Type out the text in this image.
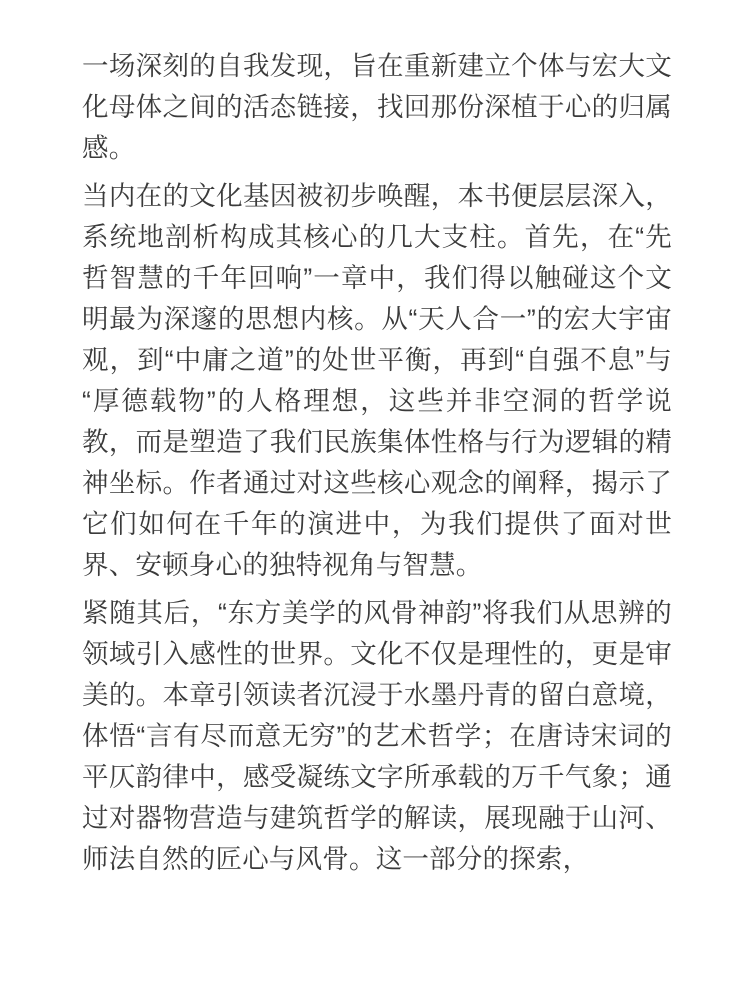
一场深刻的自我发现，旨在重新建立个体与宏大文化母体之间的活态链接，找回那份深植于心的归属感。

当内在的文化基因被初步唤醒，本书便层层深入，系统地剖析构成其核心的几大支柱。首先，在“先哲智慧的千年回响”一章中，我们得以触碰这个文明最为深邃的思想内核。从“天人合一”的宏大宇宙观，到“中庸之道”的处世平衡，再到“自强不息”与“厚德载物”的人格理想，这些并非空洞的哲学说教，而是塑造了我们民族集体性格与行为逻辑的精神坐标。作者通过对这些核心观念的阐释，揭示了它们如何在千年的演进中，为我们提供了面对世界、安顿身心的独特视角与智慧。

紧随其后，“东方美学的风骨神韵”将我们从思辨的领域引入感性的世界。文化不仅是理性的，更是审美的。本章引领读者沉浸于水墨丹青的留白意境，体悟“言有尽而意无穷”的艺术哲学；在唐诗宋词的平仄韵律中，感受凝练文字所承载的万千气象；通过对器物营造与建筑哲学的解读，展现融于山河、师法自然的匠心与风骨。这一部分的探索，
